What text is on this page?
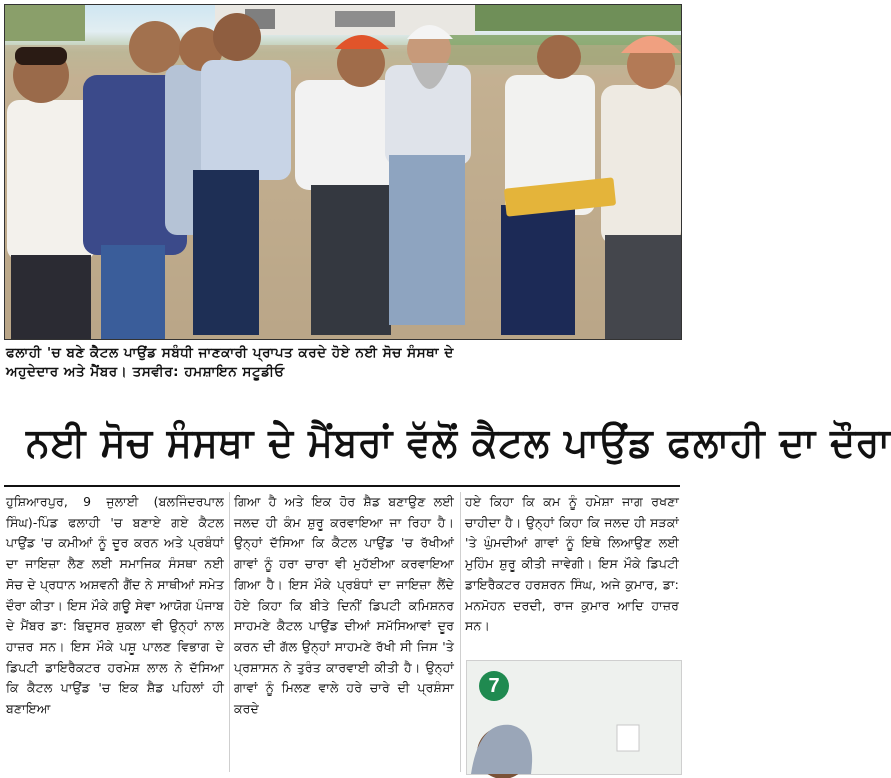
ਫਲਾਹੀ 'ਚ ਬਣੇ ਕੈਟਲ ਪਾਉਂਡ ਸਬੰਧੀ ਜਾਣਕਾਰੀ ਪ੍ਰਾਪਤ ਕਰਦੇ ਹੋਏ ਨਈ ਸੋਚ ਸੰਸਥਾ ਦੇ
ਅਹੁਦੇਦਾਰ ਅਤੇ ਮੈਂਬਰ। ਤਸਵੀਰ: ਹਮਸ਼ਾਇਨ ਸਟੂਡੀਓ
ਨਈ ਸੋਚ ਸੰਸਥਾ ਦੇ ਮੈਂਬਰਾਂ ਵੱਲੋਂ ਕੈਟਲ ਪਾਉਂਡ ਫਲਾਹੀ ਦਾ ਦੌਰਾ

ਹੁਸ਼ਿਆਰਪੁਰ, 9 ਜੁਲਾਈ (ਬਲਜਿੰਦਰਪਾਲ ਸਿੰਘ)-ਪਿੰਡ ਫਲਾਹੀ 'ਚ ਬਣਾਏ ਗਏ ਕੈਟਲ ਪਾਉਂਡ 'ਚ ਕਮੀਆਂ ਨੂੰ ਦੂਰ ਕਰਨ ਅਤੇ ਪ੍ਰਬੰਧਾਂ ਦਾ ਜਾਇਜ਼ਾ ਲੈਣ ਲਈ ਸਮਾਜਿਕ ਸੰਸਥਾ ਨਈ ਸੋਚ ਦੇ ਪ੍ਰਧਾਨ ਅਸ਼ਵਨੀ ਗੈਂਦ ਨੇ ਸਾਥੀਆਂ ਸਮੇਤ ਦੌਰਾ ਕੀਤਾ। ਇਸ ਮੌਕੇ ਗਊ ਸੇਵਾ ਆਯੋਗ ਪੰਜਾਬ ਦੇ ਮੈਂਬਰ ਡਾ: ਬਿਦੁਸਰ ਸ਼ੁਕਲਾ ਵੀ ਉਨ੍ਹਾਂ ਨਾਲ ਹਾਜ਼ਰ ਸਨ। ਇਸ ਮੌਕੇ ਪਸ਼ੂ ਪਾਲਣ ਵਿਭਾਗ ਦੇ ਡਿਪਟੀ ਡਾਇਰੈਕਟਰ ਹਰਮੇਸ਼ ਲਾਲ ਨੇ ਦੱਸਿਆ ਕਿ ਕੈਟਲ ਪਾਉਂਡ 'ਚ ਇਕ ਸ਼ੈਡ ਪਹਿਲਾਂ ਹੀ ਬਣਾਇਆ

ਗਿਆ ਹੈ ਅਤੇ ਇਕ ਹੋਰ ਸ਼ੈਡ ਬਣਾਉਣ ਲਈ ਜਲਦ ਹੀ ਕੰਮ ਸ਼ੁਰੂ ਕਰਵਾਇਆ ਜਾ ਰਿਹਾ ਹੈ। ਉਨ੍ਹਾਂ ਦੱਸਿਆ ਕਿ ਕੈਟਲ ਪਾਉਂਡ 'ਚ ਰੱਖੀਆਂ ਗਾਵਾਂ ਨੂੰ ਹਰਾ ਚਾਰਾ ਵੀ ਮੁਹੱਈਆ ਕਰਵਾਇਆ ਗਿਆ ਹੈ। ਇਸ ਮੌਕੇ ਪ੍ਰਬੰਧਾਂ ਦਾ ਜਾਇਜ਼ਾ ਲੈਂਦੇ ਹੋਏ ਕਿਹਾ ਕਿ ਬੀਤੇ ਦਿਨੀਂ ਡਿਪਟੀ ਕਮਿਸ਼ਨਰ ਸਾਹਮਣੇ ਕੈਟਲ ਪਾਉਂਡ ਦੀਆਂ ਸਮੱਸਿਆਵਾਂ ਦੂਰ ਕਰਨ ਦੀ ਗੱਲ ਉਨ੍ਹਾਂ ਸਾਹਮਣੇ ਰੱਖੀ ਸੀ ਜਿਸ 'ਤੇ ਪ੍ਰਸ਼ਾਸਨ ਨੇ ਤੁਰੰਤ ਕਾਰਵਾਈ ਕੀਤੀ ਹੈ। ਉਨ੍ਹਾਂ ਗਾਵਾਂ ਨੂੰ ਮਿਲਣ ਵਾਲੇ ਹਰੇ ਚਾਰੇ ਦੀ ਪ੍ਰਸ਼ੰਸਾ ਕਰਦੇ

ਹਏ ਕਿਹਾ ਕਿ ਕਮ ਨੂੰ ਹਮੇਸ਼ਾ ਜਾਗ ਰਖਣਾ ਚਾਹੀਦਾ ਹੈ। ਉਨ੍ਹਾਂ ਕਿਹਾ ਕਿ ਜਲਦ ਹੀ ਸੜਕਾਂ 'ਤੇ ਘੁੰਮਦੀਆਂ ਗਾਵਾਂ ਨੂੰ ਇਥੇ ਲਿਆਉਣ ਲਈ ਮੁਹਿੰਮ ਸ਼ੁਰੂ ਕੀਤੀ ਜਾਵੇਗੀ। ਇਸ ਮੌਕੇ ਡਿਪਟੀ ਡਾਇਰੈਕਟਰ ਹਰਸ਼ਰਨ ਸਿੰਘ, ਅਜੇ ਕੁਮਾਰ, ਡਾ: ਮਨਮੋਹਨ ਦਰਦੀ, ਰਾਜ ਕੁਮਾਰ ਆਦਿ ਹਾਜ਼ਰ ਸਨ।

7
